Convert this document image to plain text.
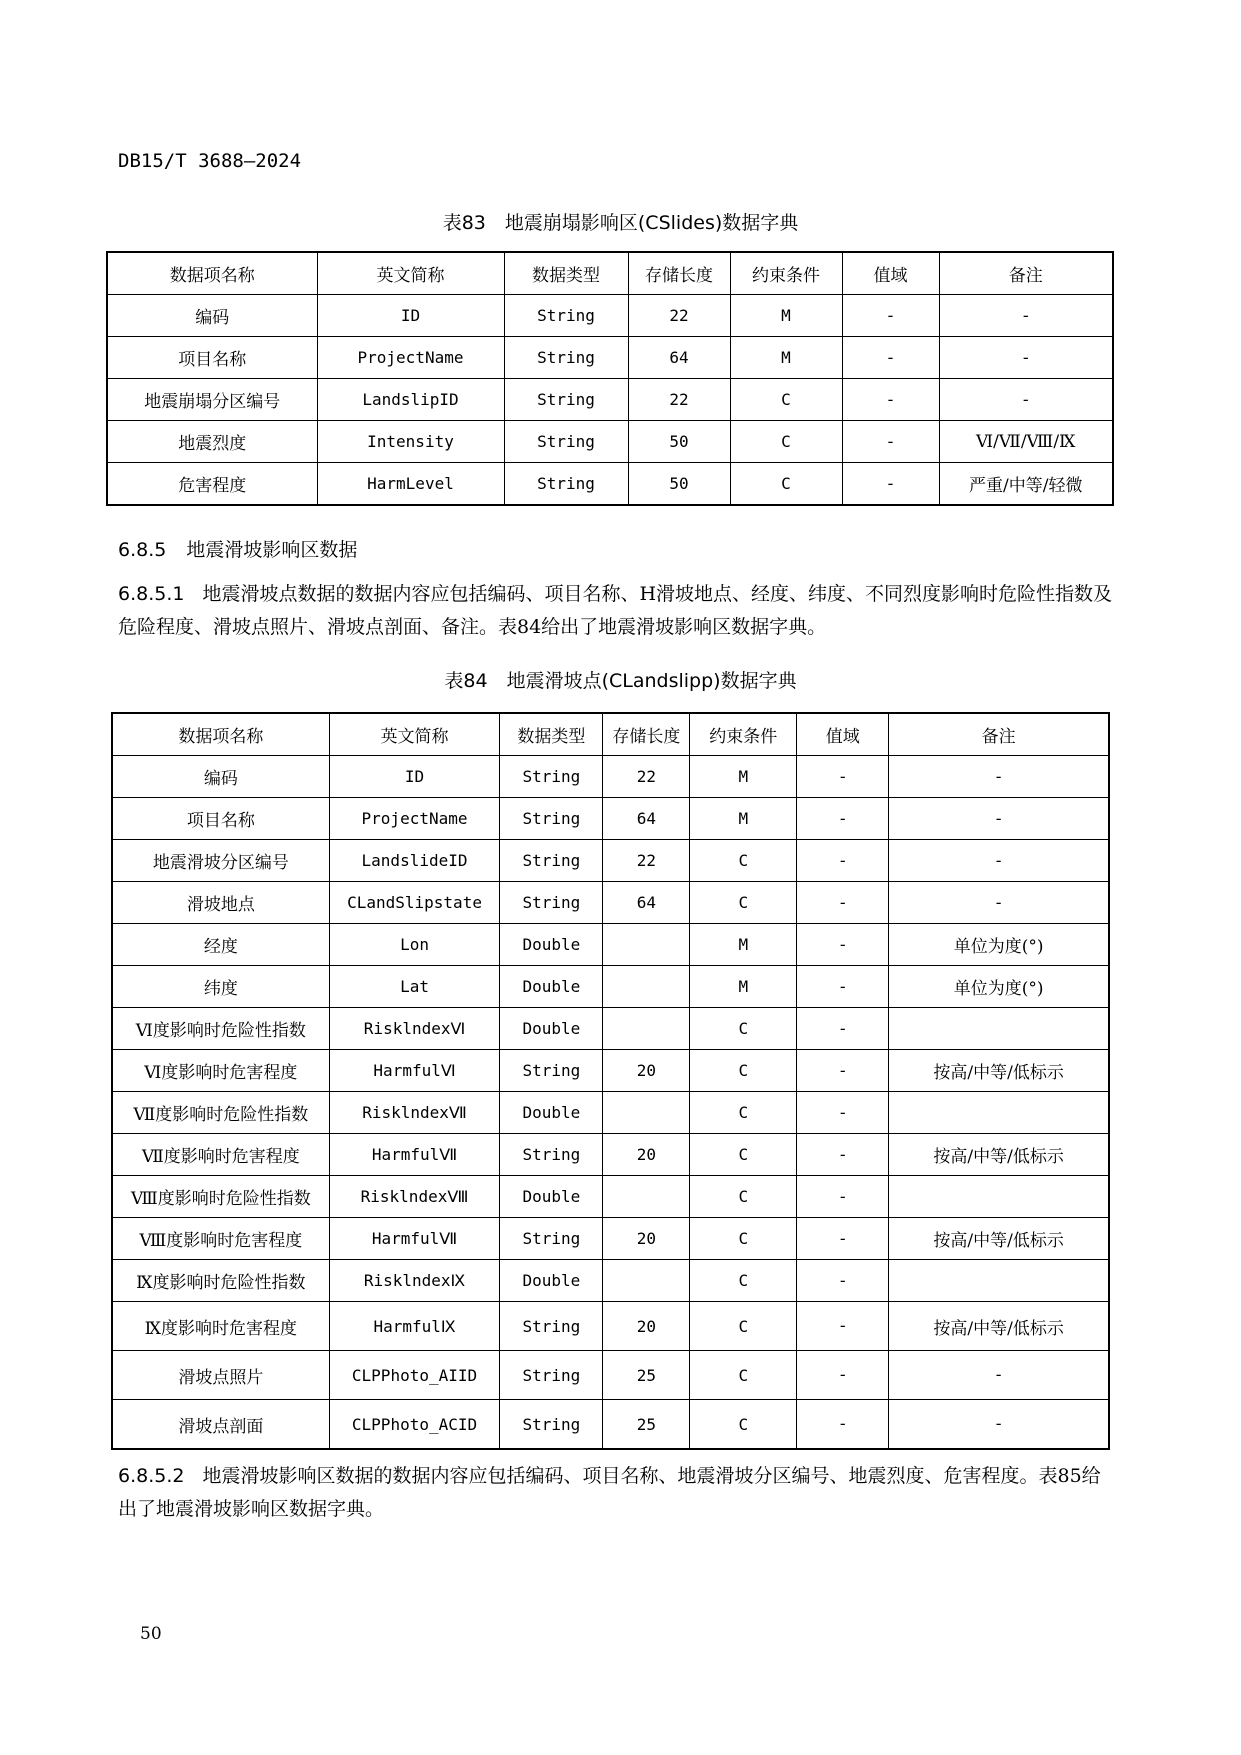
DB15/T 3688—2024
表83　地震崩塌影响区(CSlides)数据字典
数据项名称	英文简称	数据类型	存储长度	约束条件	值域	备注
编码	ID	String	22	M	-	-
项目名称	ProjectName	String	64	M	-	-
地震崩塌分区编号	LandslipID	String	22	C	-	-
地震烈度	Intensity	String	50	C	-	Ⅵ/Ⅶ/Ⅷ/Ⅸ
危害程度	HarmLevel	String	50	C	-	严重/中等/轻微
6.8.5 地震滑坡影响区数据
6.8.5.1 地震滑坡点数据的数据内容应包括编码、项目名称、H滑坡地点、经度、纬度、不同烈度影响时危险性指数及危险程度、滑坡点照片、滑坡点剖面、备注。表84给出了地震滑坡影响区数据字典。
表84　地震滑坡点(CLandslipp)数据字典
数据项名称	英文简称	数据类型	存储长度	约束条件	值域	备注
编码	ID	String	22	M	-	-
项目名称	ProjectName	String	64	M	-	-
地震滑坡分区编号	LandslideID	String	22	C	-	-
滑坡地点	CLandSlipstate	String	64	C	-	-
经度	Lon	Double		M	-	单位为度(°)
纬度	Lat	Double		M	-	单位为度(°)
Ⅵ度影响时危险性指数	RisklndexⅥ	Double		C	-	
Ⅵ度影响时危害程度	HarmfulⅥ	String	20	C	-	按高/中等/低标示
Ⅶ度影响时危险性指数	RisklndexⅦ	Double		C	-	
Ⅶ度影响时危害程度	HarmfulⅦ	String	20	C	-	按高/中等/低标示
Ⅷ度影响时危险性指数	RisklndexⅧ	Double		C	-	
Ⅷ度影响时危害程度	HarmfulⅦ	String	20	C	-	按高/中等/低标示
Ⅸ度影响时危险性指数	RisklndexⅨ	Double		C	-	
Ⅸ度影响时危害程度	HarmfulⅨ	String	20	C	-	按高/中等/低标示
滑坡点照片	CLPPhoto_AIID	String	25	C	-	-
滑坡点剖面	CLPPhoto_ACID	String	25	C	-	-
6.8.5.2 地震滑坡影响区数据的数据内容应包括编码、项目名称、地震滑坡分区编号、地震烈度、危害程度。表85给出了地震滑坡影响区数据字典。
50
